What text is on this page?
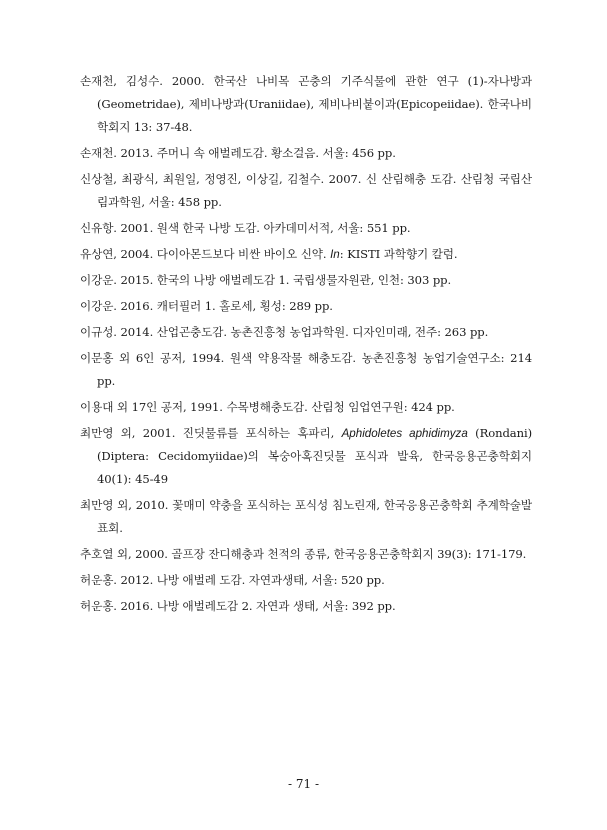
손재천, 김성수. 2000. 한국산 나비목 곤충의 기주식물에 관한 연구 (1)-자나방과(Geometridae), 제비나방과(Uraniidae), 제비나비붙이과(Epicopeiidae). 한국나비학회지 13: 37-48.

손재천. 2013. 주머니 속 애벌레도감. 황소걸음. 서울: 456 pp.

신상철, 최광식, 최원일, 정영진, 이상길, 김철수. 2007. 신 산림해충 도감. 산림청 국립산림과학원, 서울: 458 pp.

신유항. 2001. 원색 한국 나방 도감. 아카데미서적, 서울: 551 pp.

유상연, 2004. 다이아몬드보다 비싼 바이오 신약. In: KISTI 과학향기 칼럼.

이강운. 2015. 한국의 나방 애벌레도감 1. 국립생물자원관, 인천: 303 pp.

이강운. 2016. 캐터필러 1. 홀로세, 횡성: 289 pp.

이규성. 2014. 산업곤충도감. 농촌진흥청 농업과학원. 디자인미래, 전주: 263 pp.

이문홍 외 6인 공저, 1994. 원색 약용작물 해충도감. 농촌진흥청 농업기술연구소: 214 pp.

이용대 외 17인 공저, 1991. 수목병해충도감. 산림청 임업연구원: 424 pp.

최만영 외, 2001. 진딧물류를 포식하는 혹파리, Aphidoletes aphidimyza (Rondani) (Diptera: Cecidomyiidae)의 복숭아혹진딧물 포식과 발육, 한국응용곤충학회지 40(1): 45-49

최만영 외, 2010. 꽃매미 약충을 포식하는 포식성 침노린재, 한국응용곤충학회 추계학술발표회.

추호열 외, 2000. 골프장 잔디해충과 천적의 종류, 한국응용곤충학회지 39(3): 171-179.

허운홍. 2012. 나방 애벌레 도감. 자연과생태, 서울: 520 pp.

허운홍. 2016. 나방 애벌레도감 2. 자연과 생태, 서울: 392 pp.

- 71 -
